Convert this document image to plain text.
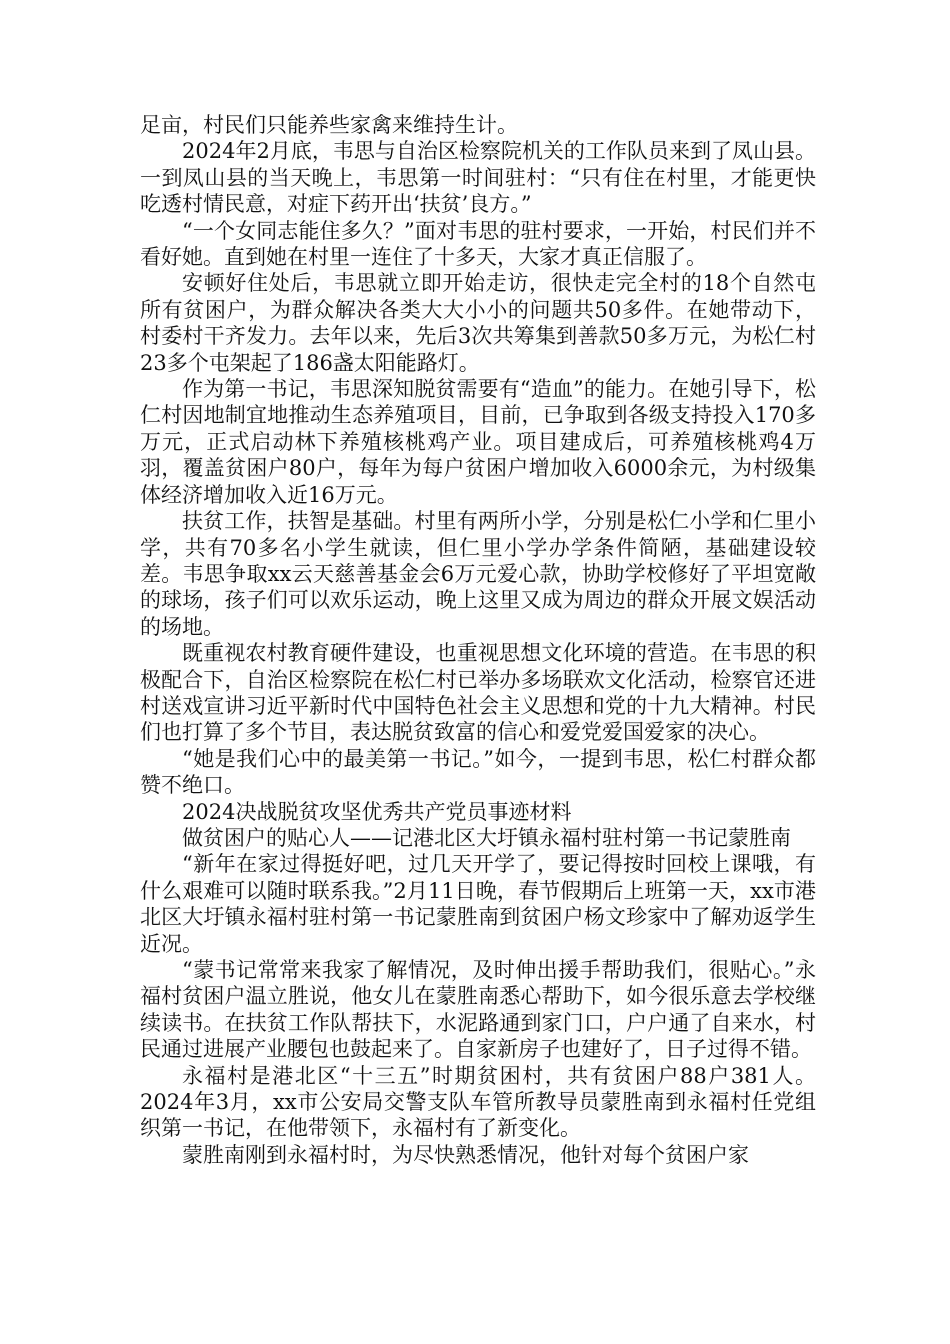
足亩，村民们只能养些家禽来维持生计。

2024年2月底，韦思与自治区检察院机关的工作队员来到了凤山县。一到凤山县的当天晚上，韦思第一时间驻村：“只有住在村里，才能更快吃透村情民意，对症下药开出‘扶贫’良方。”

“一个女同志能住多久？”面对韦思的驻村要求，一开始，村民们并不看好她。直到她在村里一连住了十多天，大家才真正信服了。

安顿好住处后，韦思就立即开始走访，很快走完全村的18个自然屯所有贫困户，为群众解决各类大大小小的问题共50多件。在她带动下，村委村干齐发力。去年以来，先后3次共筹集到善款50多万元，为松仁村23多个屯架起了186盏太阳能路灯。

作为第一书记，韦思深知脱贫需要有“造血”的能力。在她引导下，松仁村因地制宜地推动生态养殖项目，目前，已争取到各级支持投入170多万元，正式启动林下养殖核桃鸡产业。项目建成后，可养殖核桃鸡4万羽，覆盖贫困户80户，每年为每户贫困户增加收入6000余元，为村级集体经济增加收入近16万元。

扶贫工作，扶智是基础。村里有两所小学，分别是松仁小学和仁里小学，共有70多名小学生就读，但仁里小学办学条件简陋，基础建设较差。韦思争取xx云天慈善基金会6万元爱心款，协助学校修好了平坦宽敞的球场，孩子们可以欢乐运动，晚上这里又成为周边的群众开展文娱活动的场地。

既重视农村教育硬件建设，也重视思想文化环境的营造。在韦思的积极配合下，自治区检察院在松仁村已举办多场联欢文化活动，检察官还进村送戏宣讲习近平新时代中国特色社会主义思想和党的十九大精神。村民们也打算了多个节目，表达脱贫致富的信心和爱党爱国爱家的决心。

“她是我们心中的最美第一书记。”如今，一提到韦思，松仁村群众都赞不绝口。

2024决战脱贫攻坚优秀共产党员事迹材料

做贫困户的贴心人——记港北区大圩镇永福村驻村第一书记蒙胜南

“新年在家过得挺好吧，过几天开学了，要记得按时回校上课哦，有什么艰难可以随时联系我。”2月11日晚，春节假期后上班第一天，xx市港北区大圩镇永福村驻村第一书记蒙胜南到贫困户杨文珍家中了解劝返学生近况。

“蒙书记常常来我家了解情况，及时伸出援手帮助我们，很贴心。”永福村贫困户温立胜说，他女儿在蒙胜南悉心帮助下，如今很乐意去学校继续读书。在扶贫工作队帮扶下，水泥路通到家门口，户户通了自来水，村民通过进展产业腰包也鼓起来了。自家新房子也建好了，日子过得不错。

永福村是港北区“十三五”时期贫困村，共有贫困户88户381人。2024年3月，xx市公安局交警支队车管所教导员蒙胜南到永福村任党组织第一书记，在他带领下，永福村有了新变化。

蒙胜南刚到永福村时，为尽快熟悉情况，他针对每个贫困户家
